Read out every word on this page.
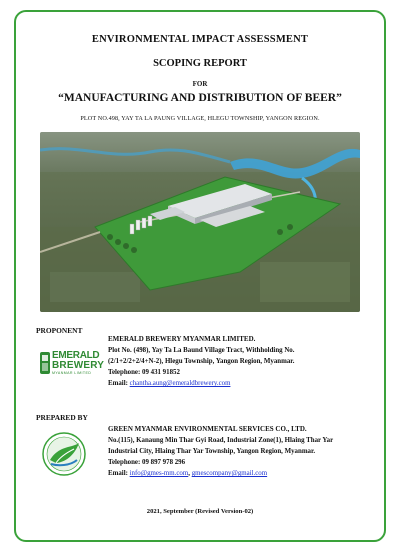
ENVIRONMENTAL IMPACT ASSESSMENT
SCOPING REPORT
FOR
“MANUFACTURING AND DISTRIBUTION OF BEER”
PLOT NO.498, YAY TA LA PAUNG VILLAGE, HLEGU TOWNSHIP, YANGON REGION.
PROPONENT
EMERALD
BREWERY
MYANMAR LIMITED
EMERALD BREWERY MYANMAR LIMITED.
Plot No. (498), Yay Ta La Baund Village Tract, Withholding No.
(2/1+2/2+2/4+N-2), Hlegu Township, Yangon Region, Myanmar.
Telephone: 09 431 91852
Email: chantha.aung@emeraldbrewery.com
PREPARED BY
GREEN MYANMAR ENVIRONMENTAL SERVICES CO., LTD.
No.(115), Kanaung Min Thar Gyi Road, Industrial Zone(1), Hlaing Thar Yar
Industrial City, Hlaing Thar Yar Township, Yangon Region, Myanmar.
Telephone: 09 897 978 296
Email: info@gmes-mm.com, gmescompany@gmail.com
2021, September (Revised Version-02)
